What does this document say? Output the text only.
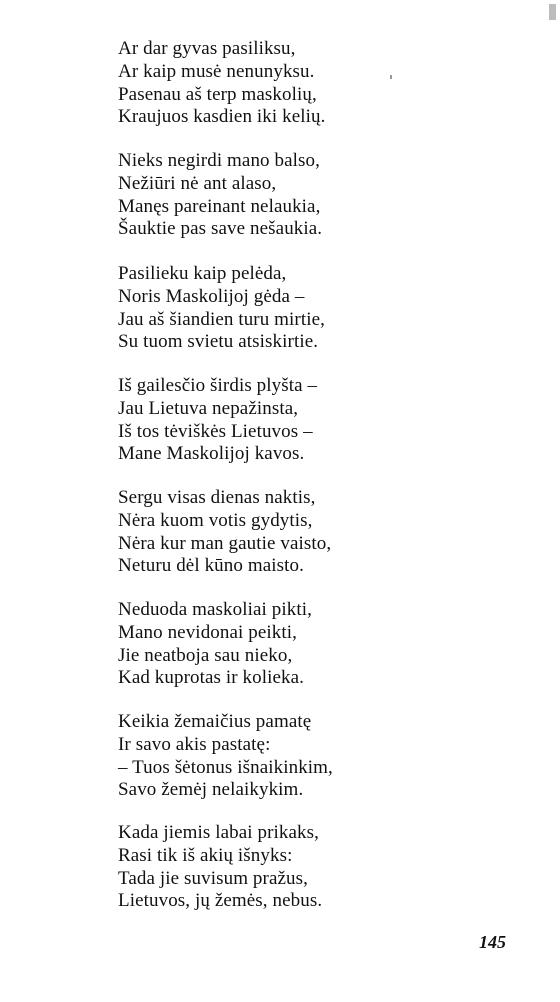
Ar dar gyvas pasiliksu,
Ar kaip musė nenunyksu.
Pasenau aš terp maskolių,
Kraujuos kasdien iki kelių.
Nieks negirdi mano balso,
Nežiūri nė ant alaso,
Manęs pareinant nelaukia,
Šauktie pas save nešaukia.
Pasilieku kaip pelėda,
Noris Maskolijoj gėda –
Jau aš šiandien turu mirtie,
Su tuom svietu atsiskirtie.
Iš gailesčio širdis plyšta –
Jau Lietuva nepažinsta,
Iš tos tėviškės Lietuvos –
Mane Maskolijoj kavos.
Sergu visas dienas naktis,
Nėra kuom votis gydytis,
Nėra kur man gautie vaisto,
Neturu dėl kūno maisto.
Neduoda maskoliai pikti,
Mano nevidonai peikti,
Jie neatboja sau nieko,
Kad kuprotas ir kolieka.
Keikia žemaičius pamatę
Ir savo akis pastatę:
– Tuos šėtonus išnaikinkim,
Savo žemėj nelaikykim.
Kada jiemis labai prikaks,
Rasi tik iš akių išnyks:
Tada jie suvisum pražus,
Lietuvos, jų žemės, nebus.
145
